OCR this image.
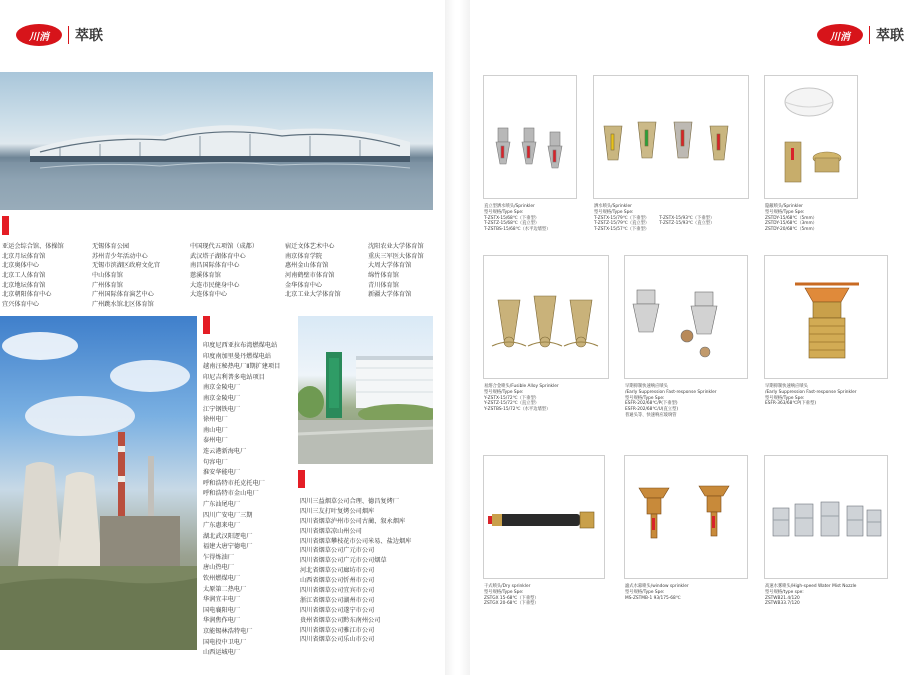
川消 萃联
亚运会综合馆、体操馆
北京月坛体育馆
北京奥体中心
北京工人体育馆
北京地坛体育馆
北京朝阳体育中心
宜兴体育中心
无锡体育公园
苏州青少年活动中心
无锡市滨湖区政府文化宫
中山体育馆
广州体育馆
广州国际体育演艺中心
广州跳水馆北区体育馆
中国现代五项馆（成都）
武汉塔子湖体育中心
南昌国际体育中心
慈溪体育馆
大连市民健身中心
大连体育中心
宿迁文体艺术中心
南京体育学院
惠州金山体育馆
河南鹤壁市体育馆
金华体育中心
北京工业大学体育馆
沈阳农业大学体育馆
重庆三军医大体育馆
大周大学体育馆
绵竹体育馆
青川体育馆
新疆大学体育馆
印度尼西亚拉布湾燃煤电站
印度南加里曼丹燃煤电站
越南汪秘热电厂Ⅱ期扩建项目
印尼吉利普多电站项目
南京金陵电厂
南京金陵电厂
江宁钢铁电厂
徐州电厂
南山电厂
泰州电厂
连云港新海电厂
句容电厂
淮安华能电厂
呼和浩特市托克托电厂
呼和浩特市金山电厂
广东汕尾电厂
四川广安电厂三期
广东惠来电厂
湖北武汉阳逻电厂
福建大唐宁德电厂
乍得炼油厂
唐山热电厂
钦州燃煤电厂
太原第二热电厂
华润宜丰电厂
国电襄阳电厂
华润焦作电厂
京能锡林浩特电厂
国电投中卫电厂
山西运城电厂
四川三益烟草公司合理、德昌复烤厂
四川三友打叶复烤公司烟库
四川省烟草泸州市公司古蔺、叙永烟库
四川省烟草凉山州公司
四川省烟草攀枝花市公司米易、盐边烟库
四川省烟草公司广元市公司
四川省烟草公司广元市公司烟草
河北省烟草公司廊坊市公司
山西省烟草公司忻州市公司
四川省烟草公司宜宾市公司
浙江省烟草公司湖州市公司
四川省烟草公司遂宁市公司
贵州省烟草公司黔东南州公司
四川省烟草公司雅江市公司
四川省烟草公司乐山市公司
川消 萃联
直立型洒水喷头/Sprinkler
型号规格/Type Spe:
T-ZSTX-15/68℃（下垂型）
T-ZSTZ-15/68℃（直立型）
T-ZSTBS-15/68℃（水平边墙型）
洒水喷头/Sprinkler
型号规格/Type Spe:
T-ZSTX-15/79℃（下垂型）
T-ZSTZ-15/79℃（直立型）
T-ZSTX-15/57℃（下垂型）
T-ZSTX-15/93℃（下垂型）
T-ZSTZ-15/93℃（直立型）
隐蔽喷头/Sprinkler
型号规格/Type Spe:
ZSTDY-15/68℃（5mm）
ZSTDY-15/68℃（3mm）
ZSTDY-20/68℃（5mm）
易熔合金喷头/Fusible Alloy Sprinkler
型号规格/Type Spe:
Y-ZSTX-15/72℃（下垂型）
Y-ZSTZ-15/72℃（直立型）
Y-ZSTBS-15/72℃（水平边墙型）
早期抑制快速响应喷头
/Early Suppression Fast-response Sprinkler
型号规格/Type Spe:
ESFR-202/68℃/P(下垂型)
ESFR-202/68℃/U(直立型)
普通头等、快速响应玻璃管
早期抑制快速响应喷头
/Early Suppression Fast-response Sprinkler
型号规格/Type Spe:
ESFR-363/68℃P(下垂型)
干式喷头/Dry sprinkler
型号规格/Type Spe:
ZSTGX 15-68℃（下垂型）
ZSTGX 20-68℃（下垂型）
滤式水幕喷头/window sprinkler
型号规格/Type Spe:
MS-ZSTMB-1 93/175-68℃
高速水雾喷头/High-speed Water Mist Nozzle
型号规格/type spe:
ZSTWB21.4/120
ZSTWB33.7/120
